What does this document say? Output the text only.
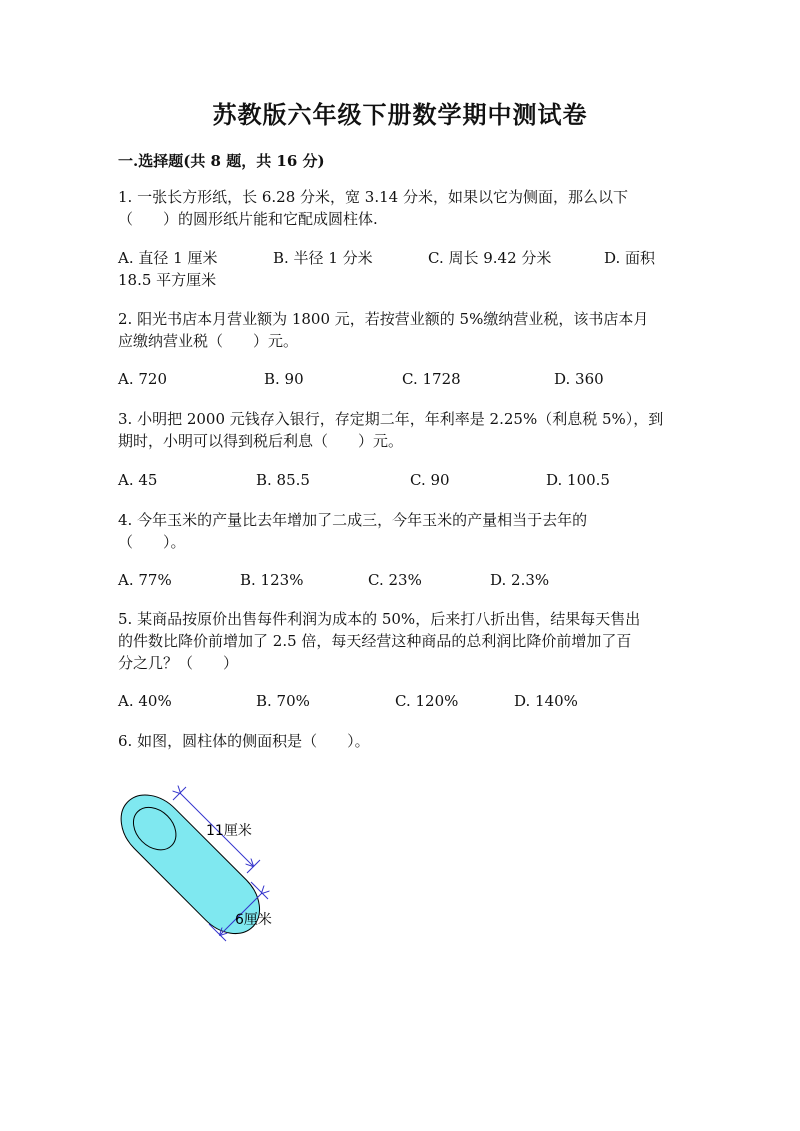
苏教版六年级下册数学期中测试卷
一.选择题(共 8 题，共 16 分)
1. 一张长方形纸，长 6.28 分米，宽 3.14 分米，如果以它为侧面，那么以下
（　　）的圆形纸片能和它配成圆柱体.
A. 直径 1 厘米	B. 半径 1 分米	C. 周长 9.42 分米	D. 面积
18.5 平方厘米
2. 阳光书店本月营业额为 1800 元，若按营业额的 5%缴纳营业税，该书店本月
应缴纳营业税（　　）元。
A. 720	B. 90	C. 1728	D. 360
3. 小明把 2000 元钱存入银行，存定期二年，年利率是 2.25%（利息税 5%），到
期时，小明可以得到税后利息（　　）元。
A. 45	B. 85.5	C. 90	D. 100.5
4. 今年玉米的产量比去年增加了二成三，今年玉米的产量相当于去年的
（　　）。
A. 77%	B. 123%	C. 23%	D. 2.3%
5. 某商品按原价出售每件利润为成本的 50%，后来打八折出售，结果每天售出
的件数比降价前增加了 2.5 倍，每天经营这种商品的总利润比降价前增加了百
分之几？（　　）
A. 40%	B. 70%	C. 120%	D. 140%
6. 如图，圆柱体的侧面积是（　　）。
11厘米
6厘米
